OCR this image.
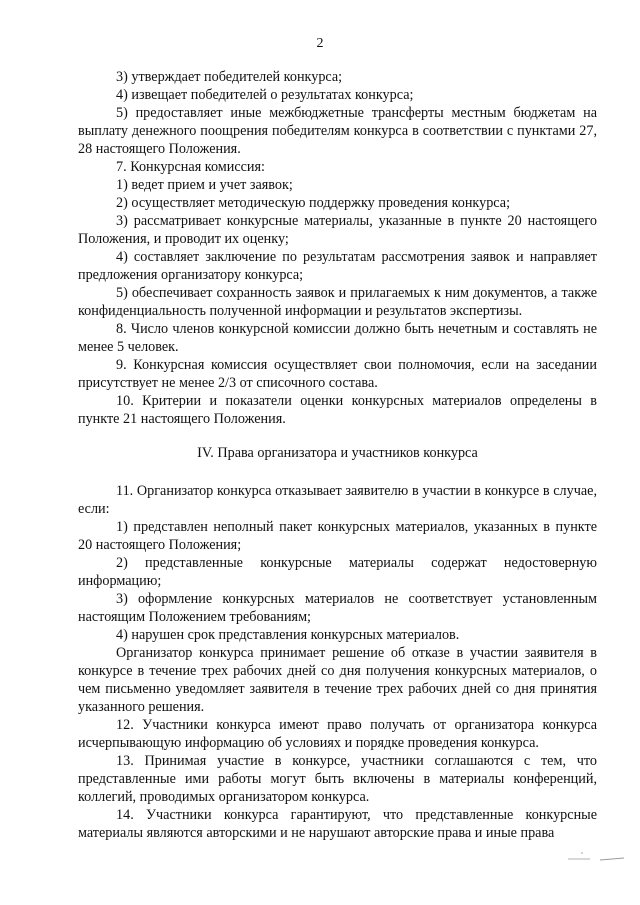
2

3) утверждает победителей конкурса;

4) извещает победителей о результатах конкурса;

5) предоставляет иные межбюджетные трансферты местным бюджетам на выплату денежного поощрения победителям конкурса в соответствии с пунктами 27, 28 настоящего Положения.

7. Конкурсная комиссия:

1) ведет прием и учет заявок;

2) осуществляет методическую поддержку проведения конкурса;

3) рассматривает конкурсные материалы, указанные в пункте 20 настоящего Положения, и проводит их оценку;

4) составляет заключение по результатам рассмотрения заявок и направляет предложения организатору конкурса;

5) обеспечивает сохранность заявок и прилагаемых к ним документов, а также конфиденциальность полученной информации и результатов экспертизы.

8. Число членов конкурсной комиссии должно быть нечетным и составлять не менее 5 человек.

9. Конкурсная комиссия осуществляет свои полномочия, если на заседании присутствует не менее 2/3 от списочного состава.

10. Критерии и показатели оценки конкурсных материалов определены в пункте 21 настоящего Положения.

IV. Права организатора и участников конкурса

11. Организатор конкурса отказывает заявителю в участии в конкурсе в случае, если:

1) представлен неполный пакет конкурсных материалов, указанных в пункте 20 настоящего Положения;

2) представленные конкурсные материалы содержат недостоверную информацию;

3) оформление конкурсных материалов не соответствует установленным настоящим Положением требованиям;

4) нарушен срок представления конкурсных материалов.

Организатор конкурса принимает решение об отказе в участии заявителя в конкурсе в течение трех рабочих дней со дня получения конкурсных материалов, о чем письменно уведомляет заявителя в течение трех рабочих дней со дня принятия указанного решения.

12. Участники конкурса имеют право получать от организатора конкурса исчерпывающую информацию об условиях и порядке проведения конкурса.

13. Принимая участие в конкурсе, участники соглашаются с тем, что представленные ими работы могут быть включены в материалы конференций, коллегий, проводимых организатором конкурса.

14. Участники конкурса гарантируют, что представленные конкурсные материалы являются авторскими и не нарушают авторские права и иные права
